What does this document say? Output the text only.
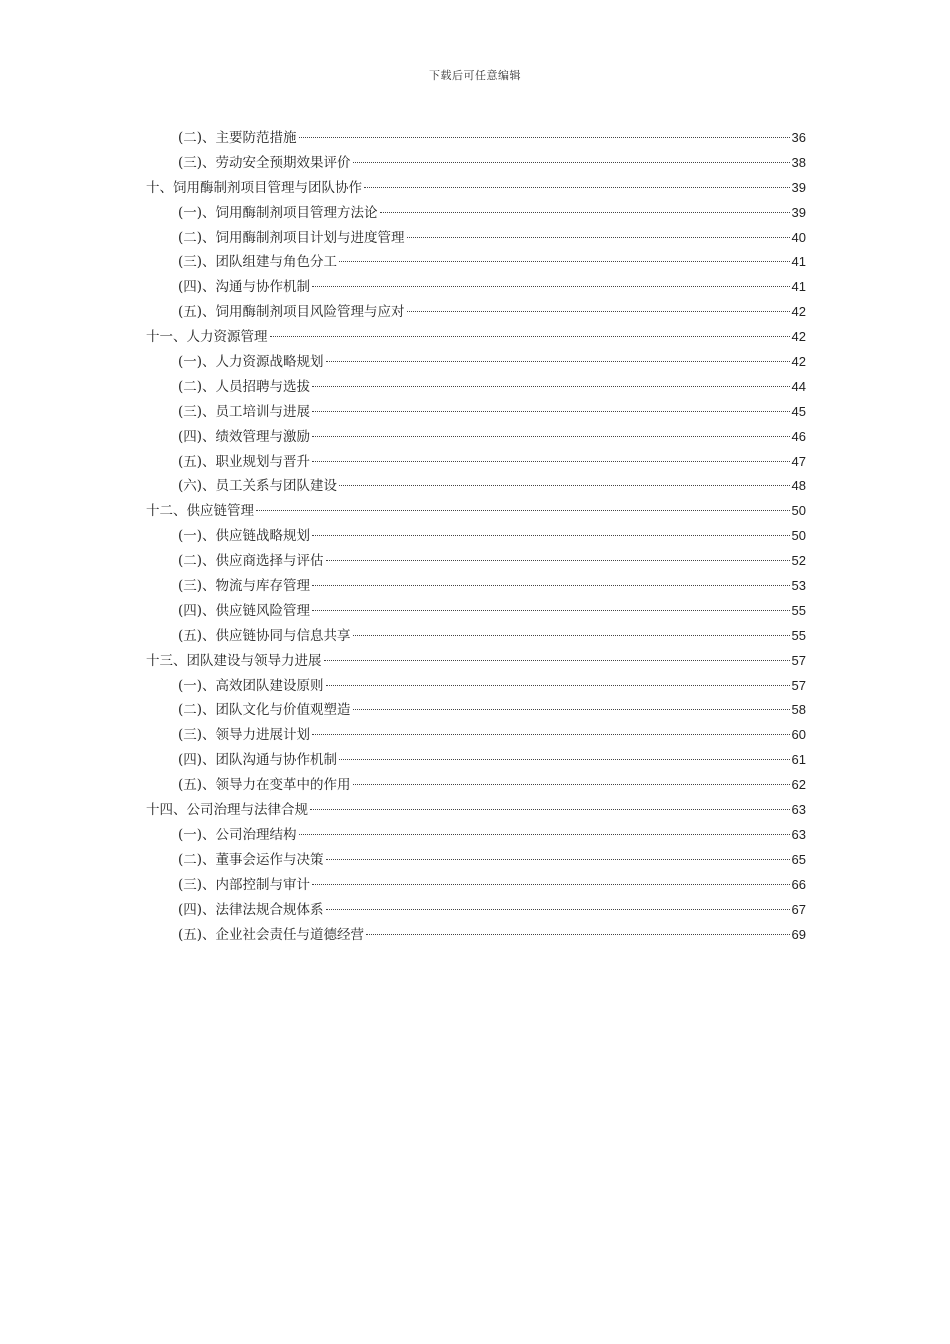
下载后可任意编辑
(二)、主要防范措施	36
(三)、劳动安全预期效果评价	38
十、饲用酶制剂项目管理与团队协作	39
(一)、饲用酶制剂项目管理方法论	39
(二)、饲用酶制剂项目计划与进度管理	40
(三)、团队组建与角色分工	41
(四)、沟通与协作机制	41
(五)、饲用酶制剂项目风险管理与应对	42
十一、人力资源管理	42
(一)、人力资源战略规划	42
(二)、人员招聘与选拔	44
(三)、员工培训与进展	45
(四)、绩效管理与激励	46
(五)、职业规划与晋升	47
(六)、员工关系与团队建设	48
十二、供应链管理	50
(一)、供应链战略规划	50
(二)、供应商选择与评估	52
(三)、物流与库存管理	53
(四)、供应链风险管理	55
(五)、供应链协同与信息共享	55
十三、团队建设与领导力进展	57
(一)、高效团队建设原则	57
(二)、团队文化与价值观塑造	58
(三)、领导力进展计划	60
(四)、团队沟通与协作机制	61
(五)、领导力在变革中的作用	62
十四、公司治理与法律合规	63
(一)、公司治理结构	63
(二)、董事会运作与决策	65
(三)、内部控制与审计	66
(四)、法律法规合规体系	67
(五)、企业社会责任与道德经营	69
